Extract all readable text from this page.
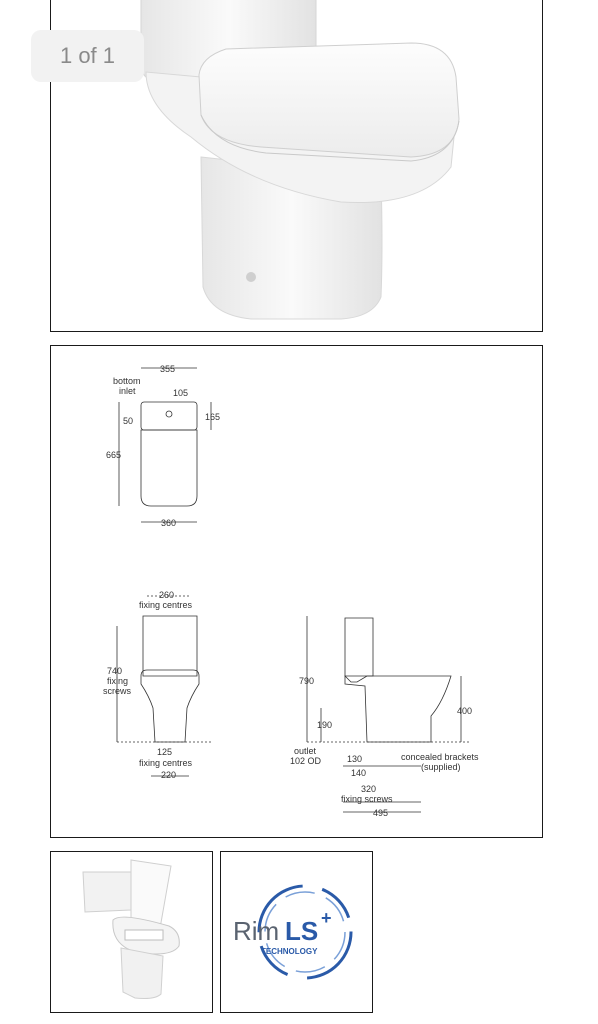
1 of 1
355
bottom
inlet	105
50	165
665
360
260
fixing centres
740
fixing
screws
125
fixing centres
220
790
400
190
outlet
102 OD	130
140
concealed brackets
(supplied)
320
fixing screws
495
Rim LS +
TECHNOLOGY
